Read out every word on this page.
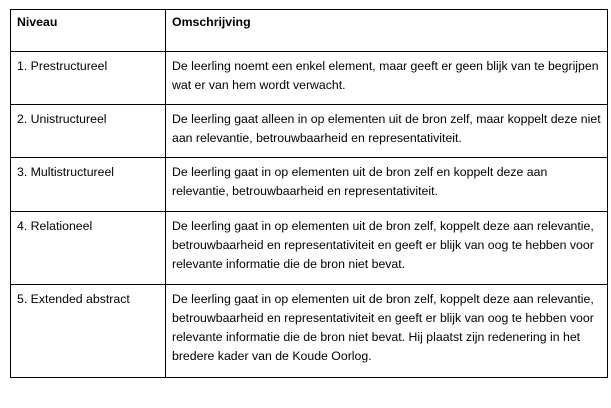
Niveau	Omschrijving
1. Prestructureel	De leerling noemt een enkel element, maar geeft er geen blijk van te begrijpen wat er van hem wordt verwacht.
2. Unistructureel	De leerling gaat alleen in op elementen uit de bron zelf, maar koppelt deze niet aan relevantie, betrouwbaarheid en representativiteit.
3. Multistructureel	De leerling gaat in op elementen uit de bron zelf en koppelt deze aan relevantie, betrouwbaarheid en representativiteit.
4. Relationeel	De leerling gaat in op elementen uit de bron zelf, koppelt deze aan relevantie, betrouwbaarheid en representativiteit en geeft er blijk van oog te hebben voor relevante informatie die de bron niet bevat.
5. Extended abstract	De leerling gaat in op elementen uit de bron zelf, koppelt deze aan relevantie, betrouwbaarheid en representativiteit en geeft er blijk van oog te hebben voor relevante informatie die de bron niet bevat. Hij plaatst zijn redenering in het bredere kader van de Koude Oorlog.
